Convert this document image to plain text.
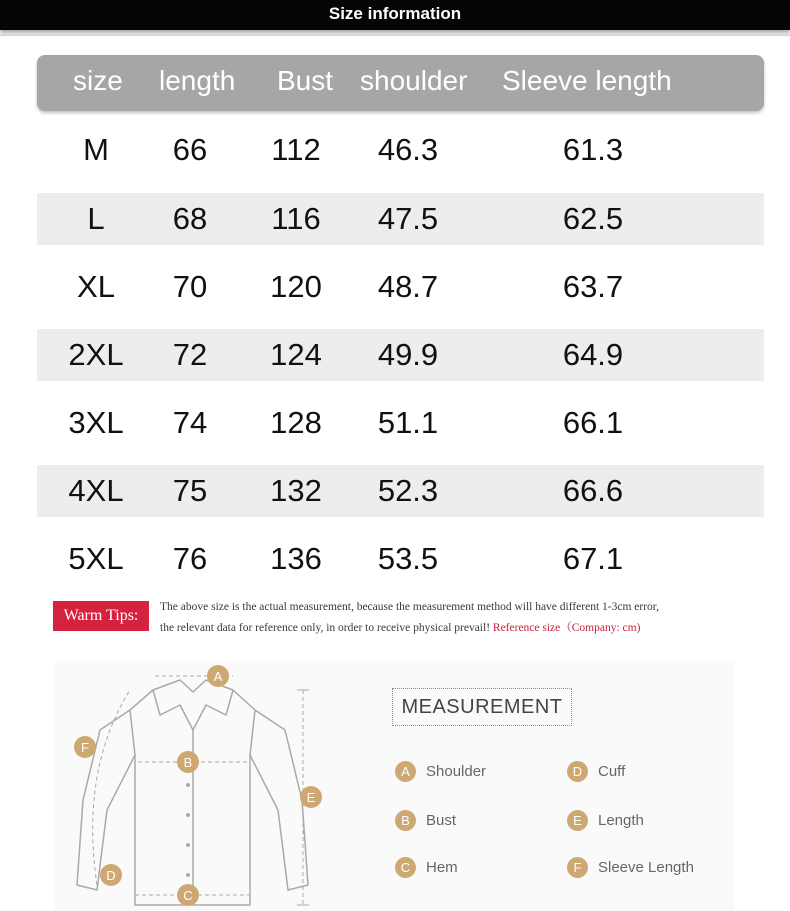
Size information
size length Bust shoulder Sleeve length
M	66	112	46.3	61.3
L	68	116	47.5	62.5
XL	70	120	48.7	63.7
2XL	72	124	49.9	64.9
3XL	74	128	51.1	66.1
4XL	75	132	52.3	66.6
5XL	76	136	53.5	67.1
Warm Tips:	The above size is the actual measurement, because the measurement method will have different 1-3cm error,
the relevant data for reference only, in order to receive physical prevail! Reference size（Company: cm)
A
B
C
D
E
F
MEASUREMENT
A	Shoulder	D	Cuff
B	Bust	E	Length
C	Hem	F	Sleeve Length
